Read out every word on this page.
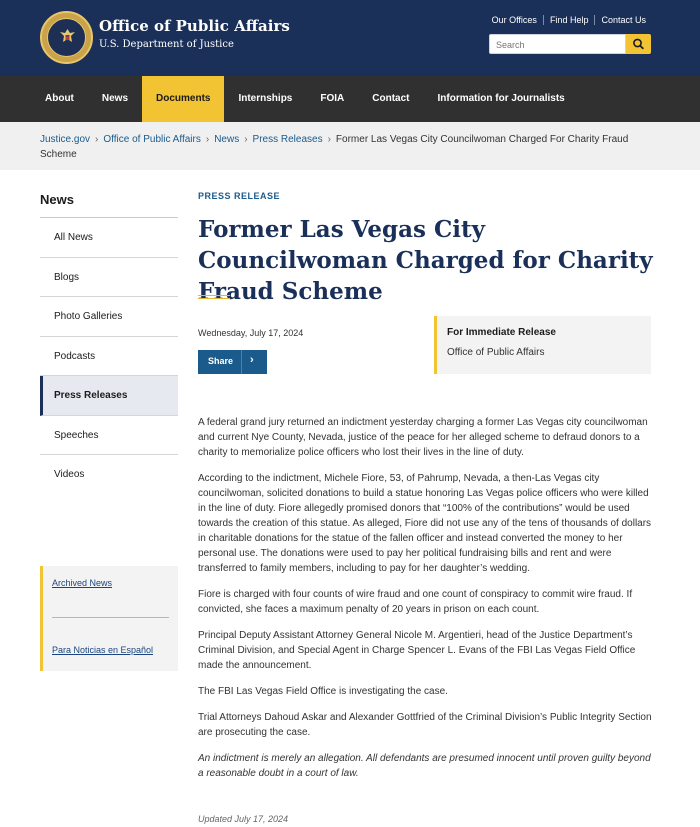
Office of Public Affairs
U.S. Department of Justice
Our Offices	Find Help	Contact Us
Search
About	News	Documents	Internships	FOIA	Contact	Information for Journalists
Justice.gov › Office of Public Affairs › News › Press Releases › Former Las Vegas City Councilwoman Charged For Charity Fraud Scheme
News
All News
Blogs
Photo Galleries
Podcasts
Press Releases
Speeches
Videos
Archived News
Para Noticias en Español
PRESS RELEASE
Former Las Vegas City Councilwoman Charged for Charity Fraud Scheme
Wednesday, July 17, 2024
Share ›
For Immediate Release
Office of Public Affairs

A federal grand jury returned an indictment yesterday charging a former Las Vegas city councilwoman and current Nye County, Nevada, justice of the peace for her alleged scheme to defraud donors to a charity to memorialize police officers who lost their lives in the line of duty.

According to the indictment, Michele Fiore, 53, of Pahrump, Nevada, a then-Las Vegas city councilwoman, solicited donations to build a statue honoring Las Vegas police officers who were killed in the line of duty. Fiore allegedly promised donors that “100% of the contributions” would be used towards the creation of this statue. As alleged, Fiore did not use any of the tens of thousands of dollars in charitable donations for the statue of the fallen officer and instead converted the money to her personal use. The donations were used to pay her political fundraising bills and rent and were transferred to family members, including to pay for her daughter’s wedding.

Fiore is charged with four counts of wire fraud and one count of conspiracy to commit wire fraud. If convicted, she faces a maximum penalty of 20 years in prison on each count.

Principal Deputy Assistant Attorney General Nicole M. Argentieri, head of the Justice Department’s Criminal Division, and Special Agent in Charge Spencer L. Evans of the FBI Las Vegas Field Office made the announcement.

The FBI Las Vegas Field Office is investigating the case.

Trial Attorneys Dahoud Askar and Alexander Gottfried of the Criminal Division’s Public Integrity Section are prosecuting the case.

An indictment is merely an allegation. All defendants are presumed innocent until proven guilty beyond a reasonable doubt in a court of law.

Updated July 17, 2024
